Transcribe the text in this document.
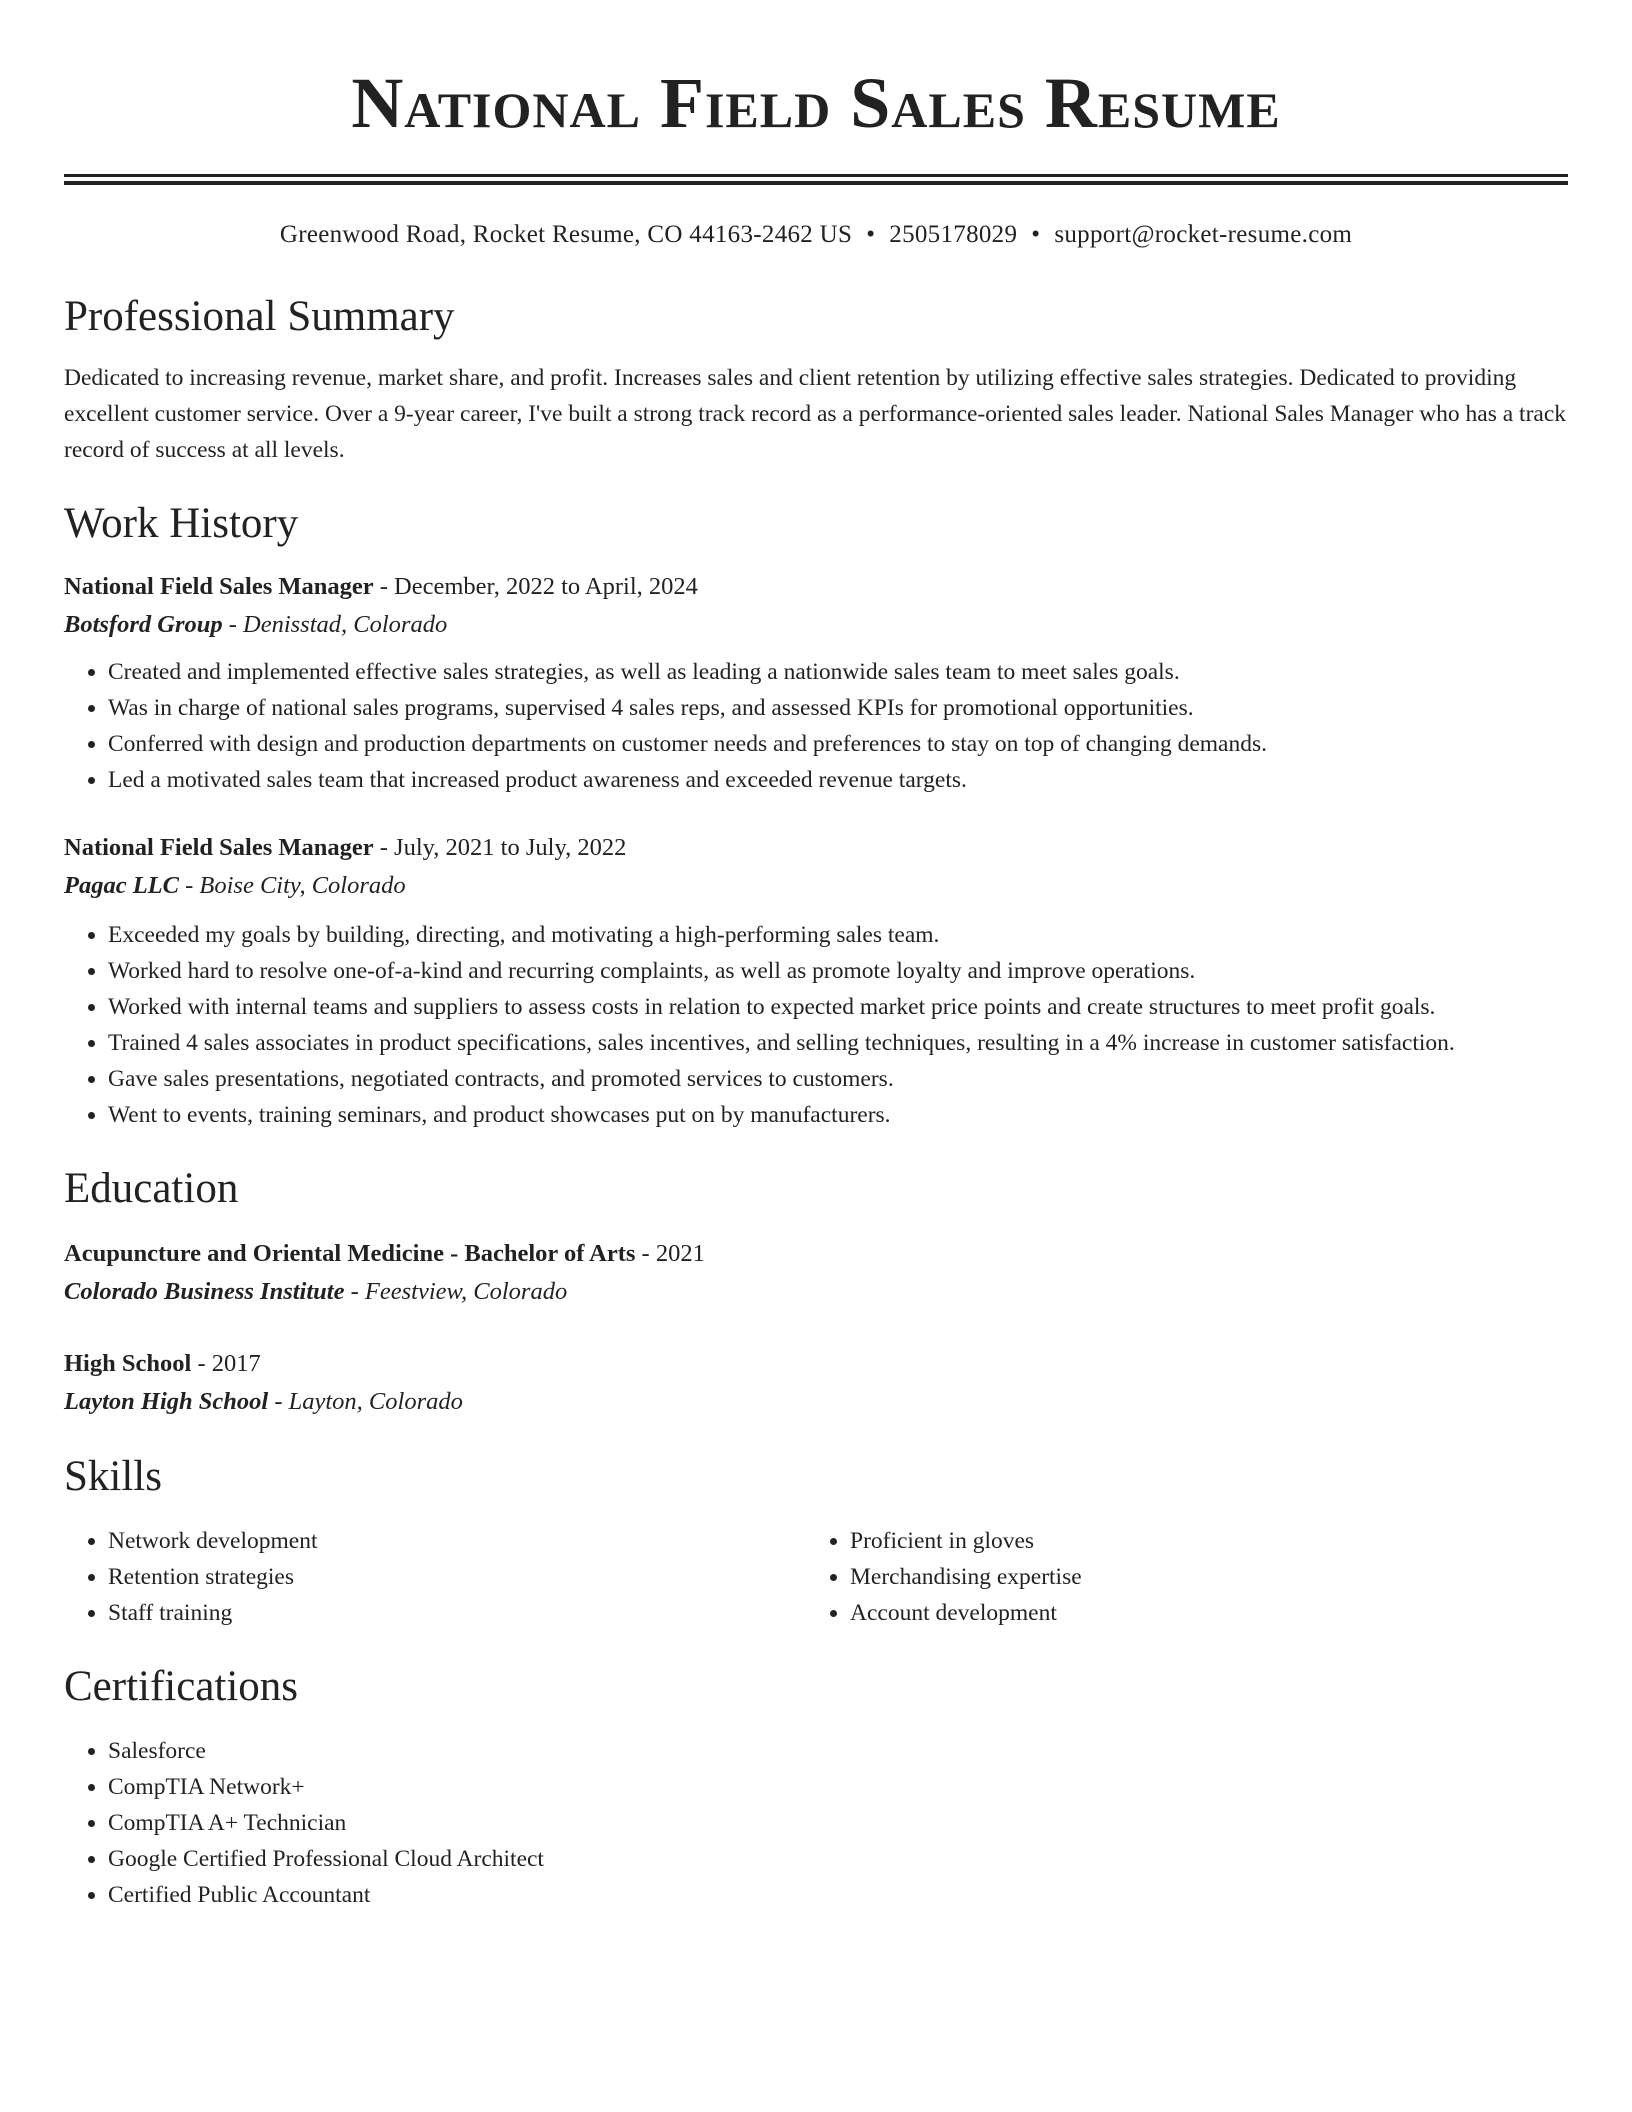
National Field Sales Resume
Greenwood Road, Rocket Resume, CO 44163-2462 US • 2505178029 • support@rocket-resume.com
Professional Summary

Dedicated to increasing revenue, market share, and profit. Increases sales and client retention by utilizing effective sales strategies. Dedicated to providing excellent customer service. Over a 9-year career, I've built a strong track record as a performance-oriented sales leader. National Sales Manager who has a track record of success at all levels.

Work History
National Field Sales Manager - December, 2022 to April, 2024
Botsford Group - Denisstad, Colorado
• Created and implemented effective sales strategies, as well as leading a nationwide sales team to meet sales goals.
• Was in charge of national sales programs, supervised 4 sales reps, and assessed KPIs for promotional opportunities.
• Conferred with design and production departments on customer needs and preferences to stay on top of changing demands.
• Led a motivated sales team that increased product awareness and exceeded revenue targets.
National Field Sales Manager - July, 2021 to July, 2022
Pagac LLC - Boise City, Colorado
• Exceeded my goals by building, directing, and motivating a high-performing sales team.
• Worked hard to resolve one-of-a-kind and recurring complaints, as well as promote loyalty and improve operations.
• Worked with internal teams and suppliers to assess costs in relation to expected market price points and create structures to meet profit goals.
• Trained 4 sales associates in product specifications, sales incentives, and selling techniques, resulting in a 4% increase in customer satisfaction.
• Gave sales presentations, negotiated contracts, and promoted services to customers.
• Went to events, training seminars, and product showcases put on by manufacturers.
Education
Acupuncture and Oriental Medicine - Bachelor of Arts - 2021
Colorado Business Institute - Feestview, Colorado
High School - 2017
Layton High School - Layton, Colorado
Skills
• Network development
• Retention strategies
• Staff training
• Proficient in gloves
• Merchandising expertise
• Account development
Certifications
• Salesforce
• CompTIA Network+
• CompTIA A+ Technician
• Google Certified Professional Cloud Architect
• Certified Public Accountant
